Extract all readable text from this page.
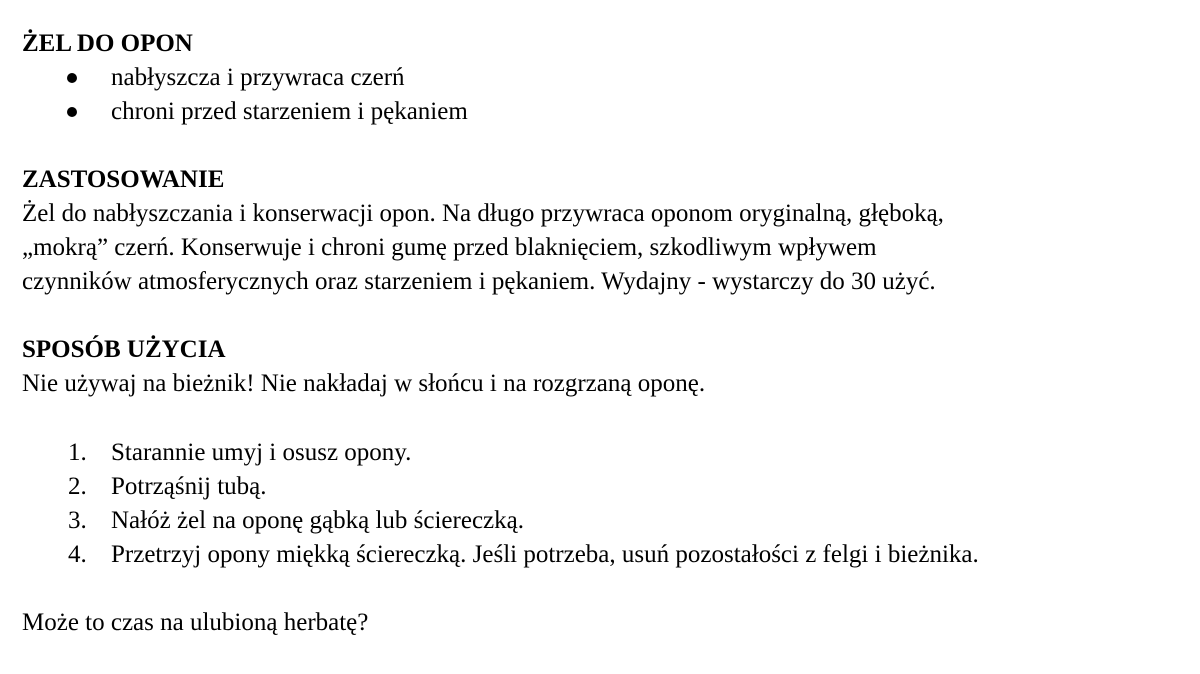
ŻEL DO OPON
nabłyszcza i przywraca czerń
chroni przed starzeniem i pękaniem
ZASTOSOWANIE
Żel do nabłyszczania i konserwacji opon. Na długo przywraca oponom oryginalną, głęboką,
„mokrą” czerń. Konserwuje i chroni gumę przed blaknięciem, szkodliwym wpływem
czynników atmosferycznych oraz starzeniem i pękaniem. Wydajny - wystarczy do 30 użyć.
SPOSÓB UŻYCIA
Nie używaj na bieżnik! Nie nakładaj w słońcu i na rozgrzaną oponę.
1. Starannie umyj i osusz opony.
2. Potrząśnij tubą.
3. Nałóż żel na oponę gąbką lub ściereczką.
4. Przetrzyj opony miękką ściereczką. Jeśli potrzeba, usuń pozostałości z felgi i bieżnika.
Może to czas na ulubioną herbatę?
